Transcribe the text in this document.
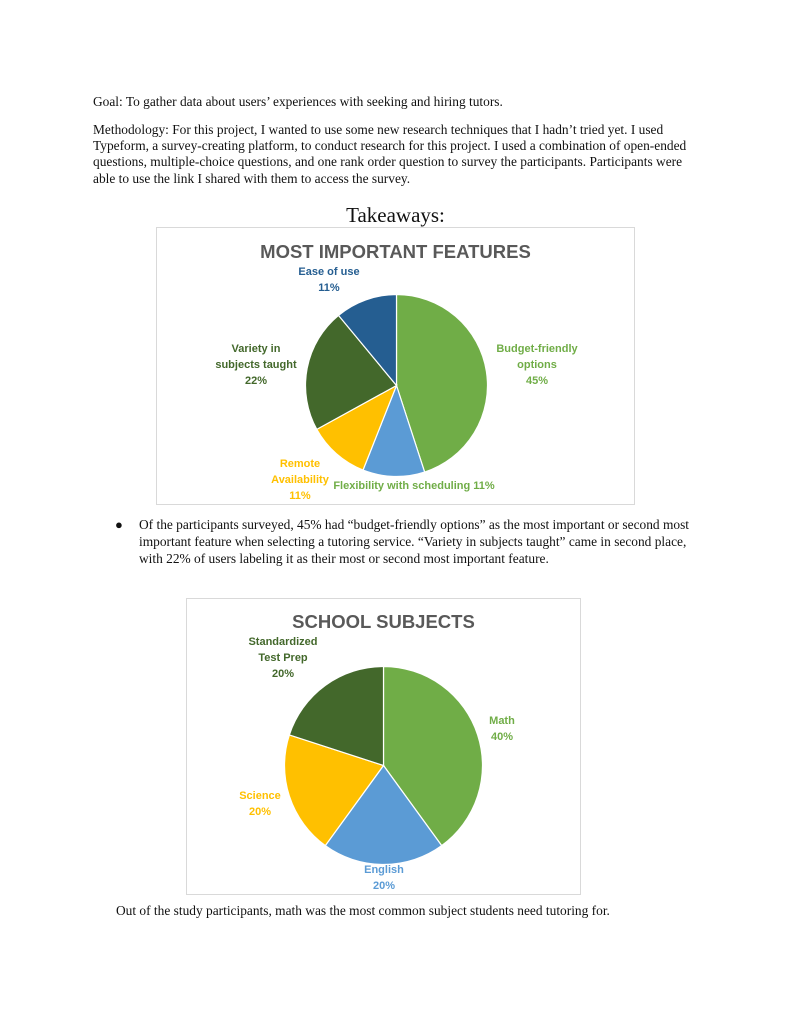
Goal: To gather data about users’ experiences with seeking and hiring tutors.

Methodology: For this project, I wanted to use some new research techniques that I hadn’t tried yet. I used Typeform, a survey-creating platform, to conduct research for this project. I used a combination of open-ended questions, multiple-choice questions, and one rank order question to survey the participants. Participants were able to use the link I shared with them to access the survey.

Takeaways:
MOST IMPORTANT FEATURES
Budget-friendly options 45%
Flexibility with scheduling 11%
Remote Availability 11%
Variety in subjects taught 22%
Ease of use 11%
● Of the participants surveyed, 45% had “budget-friendly options” as the most important or second most important feature when selecting a tutoring service. “Variety in subjects taught” came in second place, with 22% of users labeling it as their most or second most important feature.
SCHOOL SUBJECTS
Math 40%
English 20%
Science 20%
Standardized Test Prep 20%
Out of the study participants, math was the most common subject students need tutoring for.
